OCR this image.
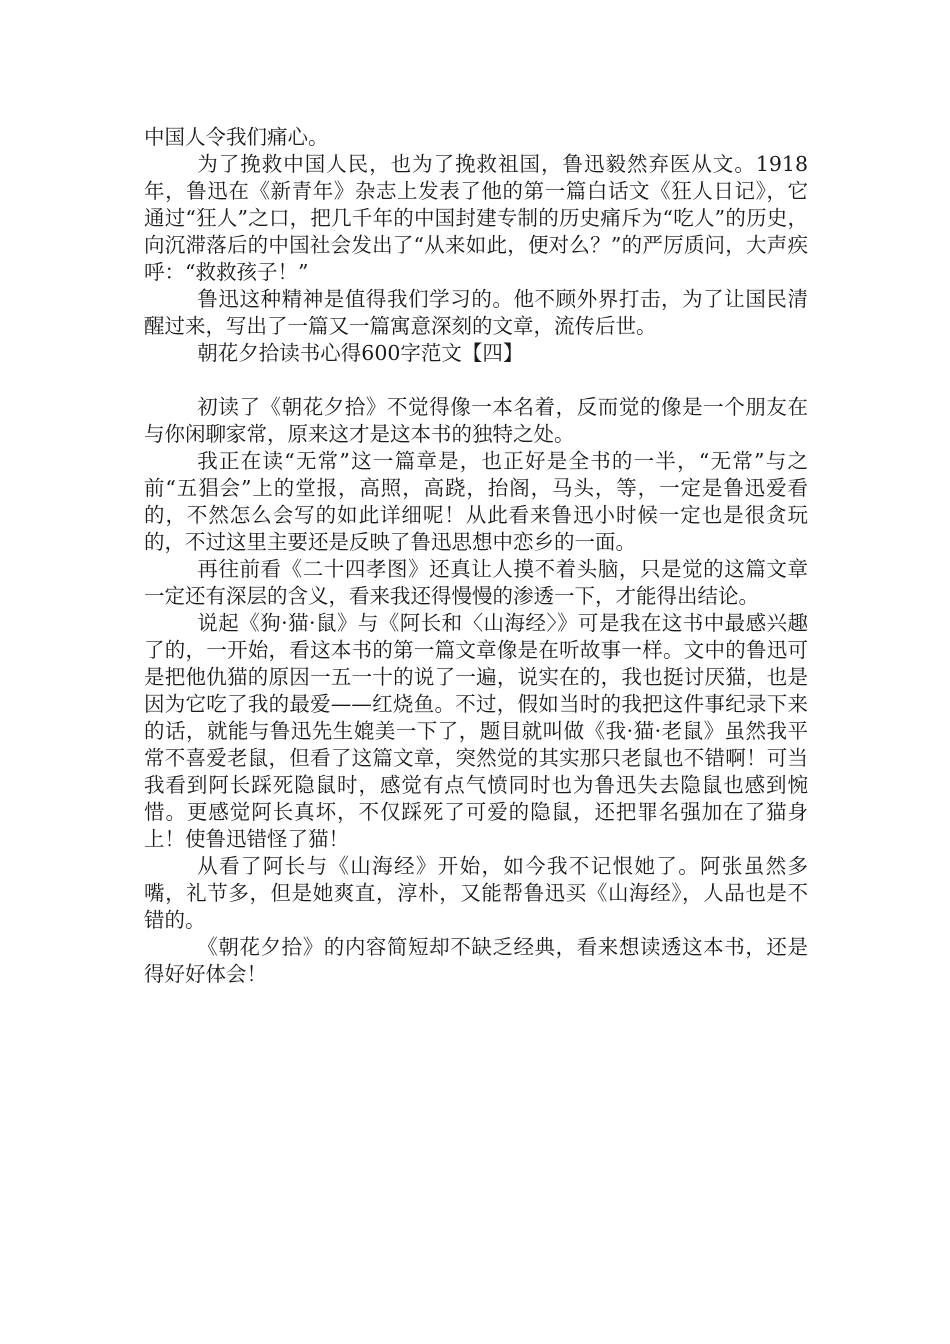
中国人令我们痛心。

为了挽救中国人民，也为了挽救祖国，鲁迅毅然弃医从文。1918年，鲁迅在《新青年》杂志上发表了他的第一篇白话文《狂人日记》，它通过“狂人”之口，把几千年的中国封建专制的历史痛斥为“吃人”的历史，向沉滞落后的中国社会发出了“从来如此，便对么？”的严厉质问，大声疾呼：“救救孩子！”

鲁迅这种精神是值得我们学习的。他不顾外界打击，为了让国民清醒过来，写出了一篇又一篇寓意深刻的文章，流传后世。

朝花夕拾读书心得600字范文【四】

初读了《朝花夕拾》不觉得像一本名着，反而觉的像是一个朋友在与你闲聊家常，原来这才是这本书的独特之处。

我正在读“无常”这一篇章是，也正好是全书的一半，“无常”与之前“五猖会”上的堂报，高照，高跷，抬阁，马头，等，一定是鲁迅爱看的，不然怎么会写的如此详细呢！从此看来鲁迅小时候一定也是很贪玩的，不过这里主要还是反映了鲁迅思想中恋乡的一面。

再往前看《二十四孝图》还真让人摸不着头脑，只是觉的这篇文章一定还有深层的含义，看来我还得慢慢的渗透一下，才能得出结论。

说起《狗·猫·鼠》与《阿长和〈山海经〉》可是我在这书中最感兴趣了的，一开始，看这本书的第一篇文章像是在听故事一样。文中的鲁迅可是把他仇猫的原因一五一十的说了一遍，说实在的，我也挺讨厌猫，也是因为它吃了我的最爱——红烧鱼。不过，假如当时的我把这件事纪录下来的话，就能与鲁迅先生媲美一下了，题目就叫做《我·猫·老鼠》虽然我平常不喜爱老鼠，但看了这篇文章，突然觉的其实那只老鼠也不错啊！可当我看到阿长踩死隐鼠时，感觉有点气愤同时也为鲁迅失去隐鼠也感到惋惜。更感觉阿长真坏，不仅踩死了可爱的隐鼠，还把罪名强加在了猫身上！使鲁迅错怪了猫！

从看了阿长与《山海经》开始，如今我不记恨她了。阿张虽然多嘴，礼节多，但是她爽直，淳朴，又能帮鲁迅买《山海经》，人品也是不错的。

《朝花夕拾》的内容简短却不缺乏经典，看来想读透这本书，还是得好好体会！
